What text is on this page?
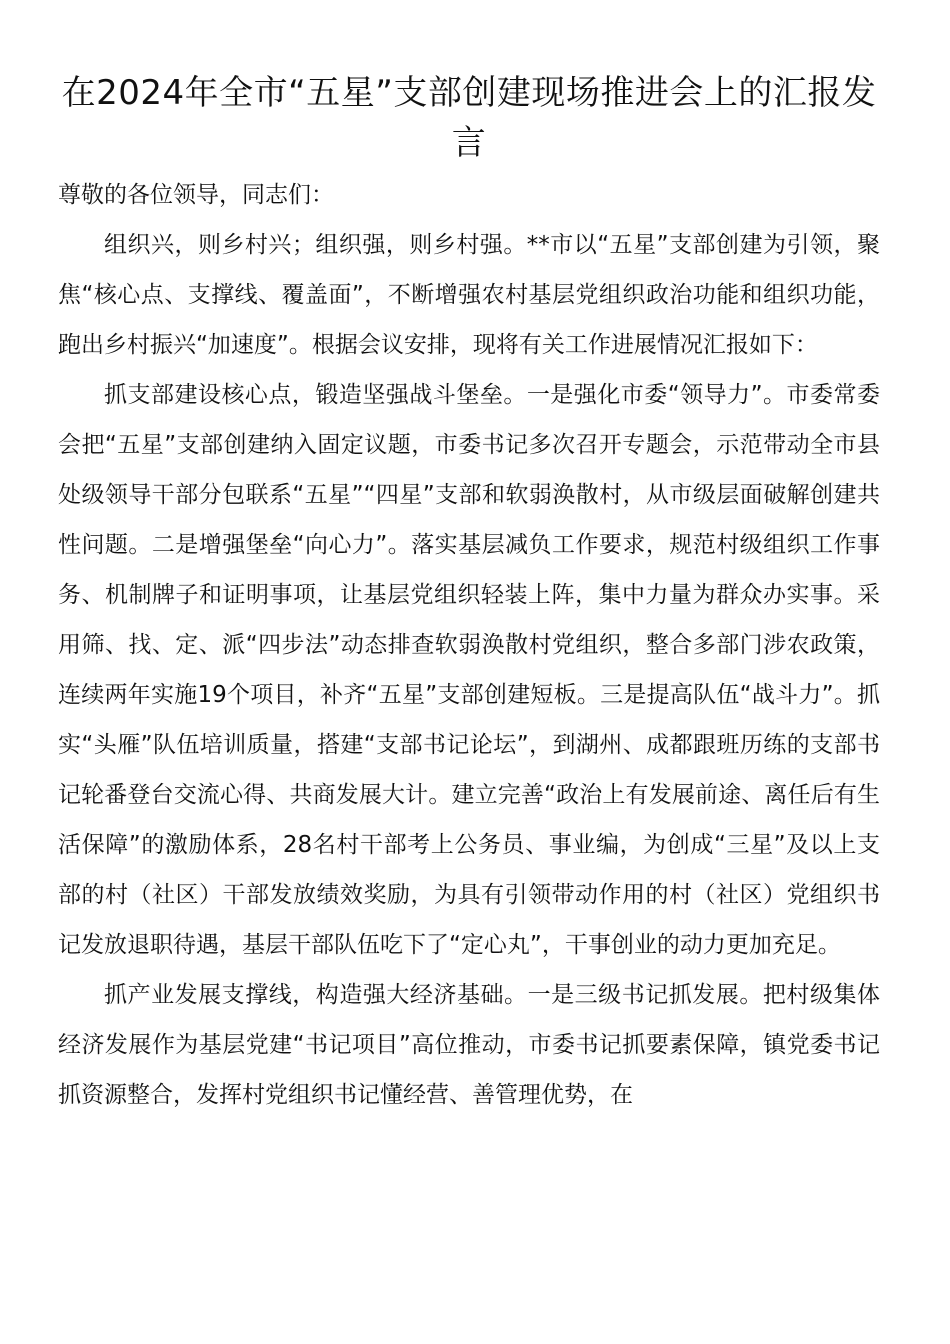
在2024年全市“五星”支部创建现场推进会上的汇报发言

尊敬的各位领导，同志们：

组织兴，则乡村兴；组织强，则乡村强。**市以“五星”支部创建为引领，聚焦“核心点、支撑线、覆盖面”，不断增强农村基层党组织政治功能和组织功能，跑出乡村振兴“加速度”。根据会议安排，现将有关工作进展情况汇报如下：

抓支部建设核心点，锻造坚强战斗堡垒。一是强化市委“领导力”。市委常委会把“五星”支部创建纳入固定议题，市委书记多次召开专题会，示范带动全市县处级领导干部分包联系“五星”“四星”支部和软弱涣散村，从市级层面破解创建共性问题。二是增强堡垒“向心力”。落实基层减负工作要求，规范村级组织工作事务、机制牌子和证明事项，让基层党组织轻装上阵，集中力量为群众办实事。采用筛、找、定、派“四步法”动态排查软弱涣散村党组织，整合多部门涉农政策，连续两年实施19个项目，补齐“五星”支部创建短板。三是提高队伍“战斗力”。抓实“头雁”队伍培训质量，搭建“支部书记论坛”，到湖州、成都跟班历练的支部书记轮番登台交流心得、共商发展大计。建立完善“政治上有发展前途、离任后有生活保障”的激励体系，28名村干部考上公务员、事业编，为创成“三星”及以上支部的村（社区）干部发放绩效奖励，为具有引领带动作用的村（社区）党组织书记发放退职待遇，基层干部队伍吃下了“定心丸”，干事创业的动力更加充足。

抓产业发展支撑线，构造强大经济基础。一是三级书记抓发展。把村级集体经济发展作为基层党建“书记项目”高位推动，市委书记抓要素保障，镇党委书记抓资源整合，发挥村党组织书记懂经营、善管理优势，在
